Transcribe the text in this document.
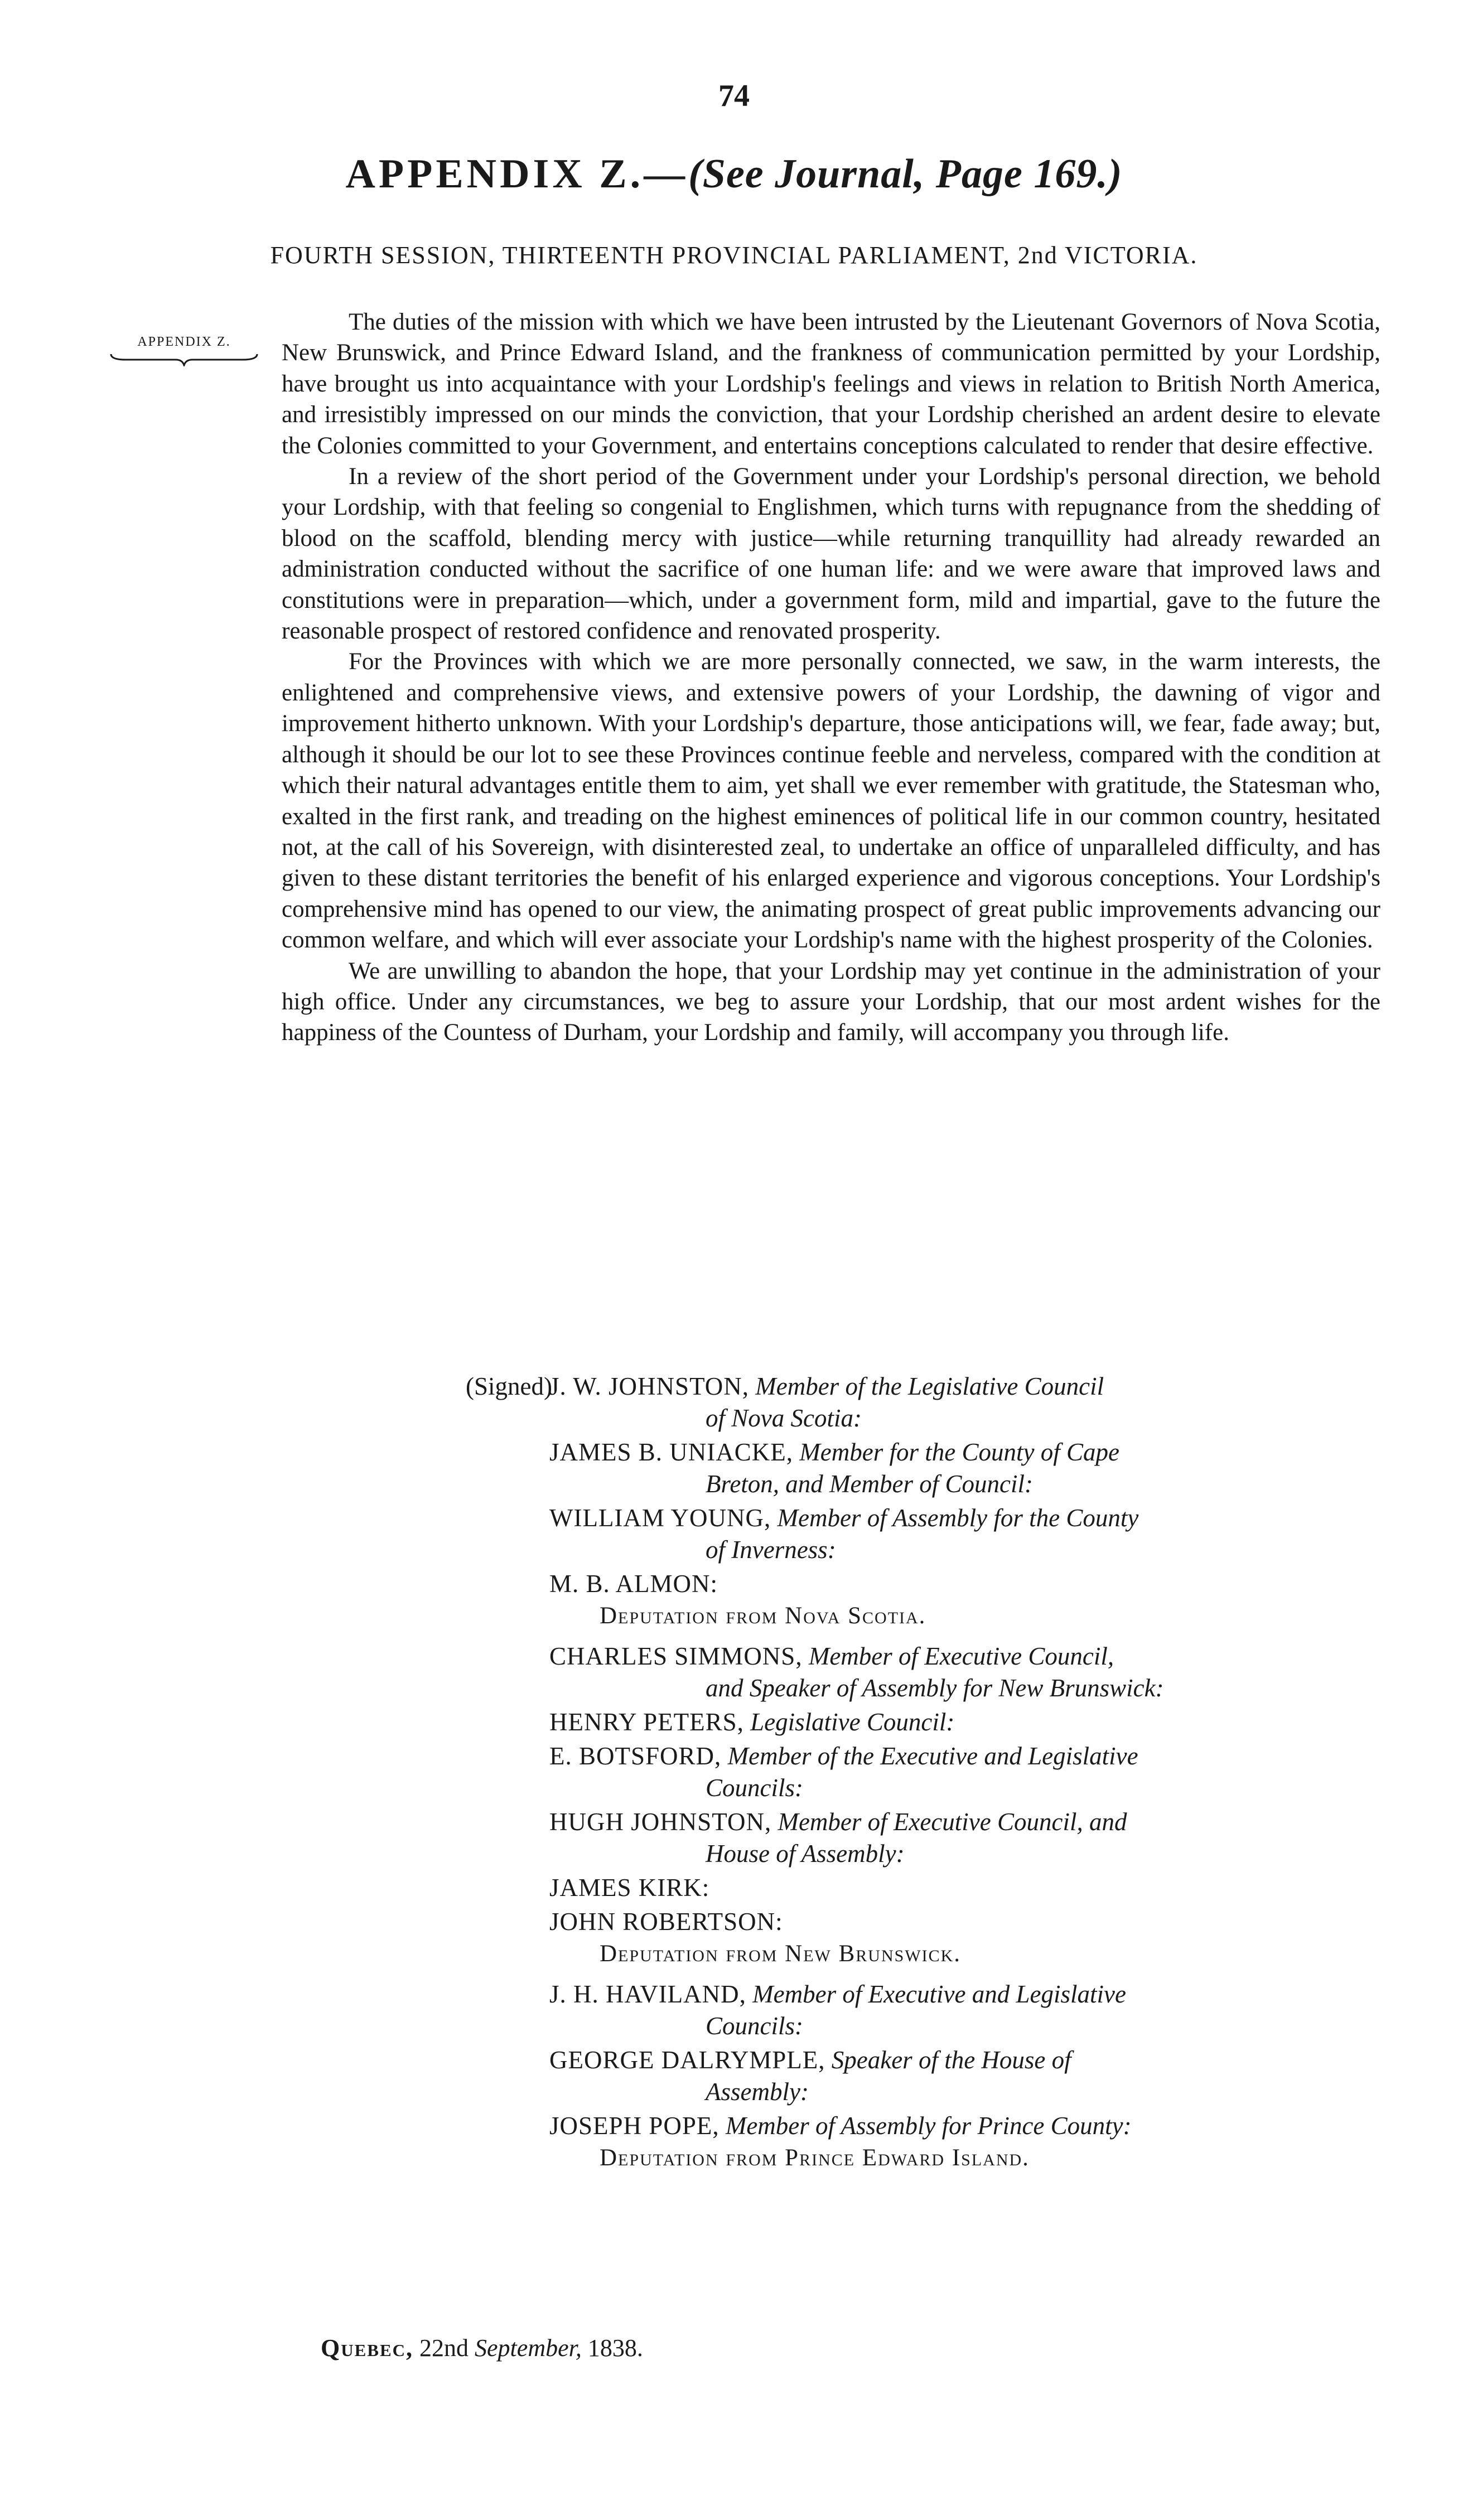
74
APPENDIX Z.—(See Journal, Page 169.)
FOURTH SESSION, THIRTEENTH PROVINCIAL PARLIAMENT, 2nd VICTORIA.
APPENDIX Z.

The duties of the mission with which we have been intrusted by the Lieutenant Governors of Nova Scotia, New Brunswick, and Prince Edward Island, and the frankness of communication permitted by your Lordship, have brought us into acquaintance with your Lordship's feelings and views in relation to British North America, and irresistibly impressed on our minds the conviction, that your Lordship cherished an ardent desire to elevate the Colonies committed to your Government, and entertains conceptions calculated to render that desire effective.

In a review of the short period of the Government under your Lordship's personal direction, we behold your Lordship, with that feeling so congenial to Englishmen, which turns with repugnance from the shedding of blood on the scaffold, blending mercy with justice—while returning tranquillity had already rewarded an administration conducted without the sacrifice of one human life: and we were aware that improved laws and constitutions were in preparation—which, under a government form, mild and impartial, gave to the future the reasonable prospect of restored confidence and renovated prosperity.

For the Provinces with which we are more personally connected, we saw, in the warm interests, the enlightened and comprehensive views, and extensive powers of your Lordship, the dawning of vigor and improvement hitherto unknown. With your Lordship's departure, those anticipations will, we fear, fade away; but, although it should be our lot to see these Provinces continue feeble and nerveless, compared with the condition at which their natural advantages entitle them to aim, yet shall we ever remember with gratitude, the Statesman who, exalted in the first rank, and treading on the highest eminences of political life in our common country, hesitated not, at the call of his Sovereign, with disinterested zeal, to undertake an office of unparalleled difficulty, and has given to these distant territories the benefit of his enlarged experience and vigorous conceptions. Your Lordship's comprehensive mind has opened to our view, the animating prospect of great public improvements advancing our common welfare, and which will ever associate your Lordship's name with the highest prosperity of the Colonies.

We are unwilling to abandon the hope, that your Lordship may yet continue in the administration of your high office. Under any circumstances, we beg to assure your Lordship, that our most ardent wishes for the happiness of the Countess of Durham, your Lordship and family, will accompany you through life.

(Signed)
J. W. JOHNSTON, Member of the Legislative Council
of Nova Scotia:
JAMES B. UNIACKE, Member for the County of Cape
Breton, and Member of Council:
WILLIAM YOUNG, Member of Assembly for the County
of Inverness:
M. B. ALMON:
Deputation from Nova Scotia.
CHARLES SIMMONS, Member of Executive Council,
and Speaker of Assembly for New Brunswick:
HENRY PETERS, Legislative Council:
E. BOTSFORD, Member of the Executive and Legislative
Councils:
HUGH JOHNSTON, Member of Executive Council, and
House of Assembly:
JAMES KIRK:
JOHN ROBERTSON:
Deputation from New Brunswick.
J. H. HAVILAND, Member of Executive and Legislative
Councils:
GEORGE DALRYMPLE, Speaker of the House of
Assembly:
JOSEPH POPE, Member of Assembly for Prince County:
Deputation from Prince Edward Island.
Quebec, 22nd September, 1838.
